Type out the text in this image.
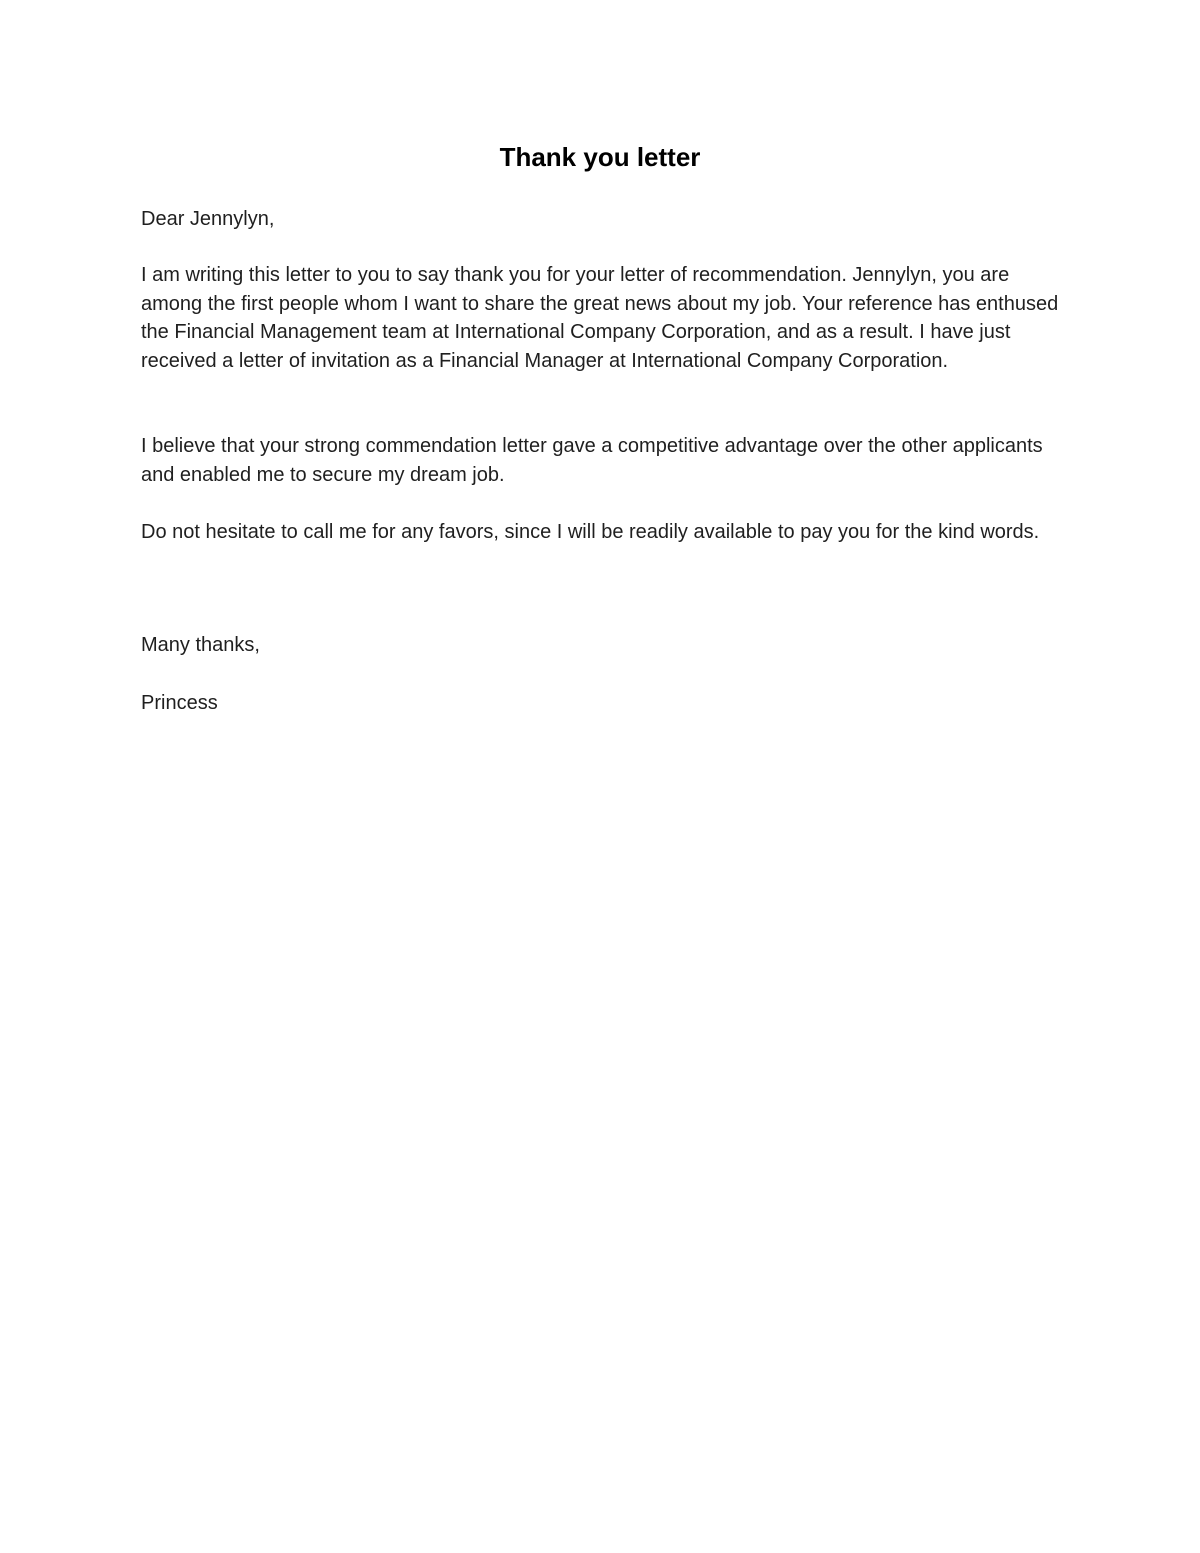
Thank you letter

Dear Jennylyn,

I am writing this letter to you to say thank you for your letter of recommendation. Jennylyn, you are among the first people whom I want to share the great news about my job. Your reference has enthused the Financial Management team at International Company Corporation, and as a result. I have just received a letter of invitation as a Financial Manager at International Company Corporation.

I believe that your strong commendation letter gave a competitive advantage over the other applicants and enabled me to secure my dream job.

Do not hesitate to call me for any favors, since I will be readily available to pay you for the kind words.

Many thanks,

Princess
